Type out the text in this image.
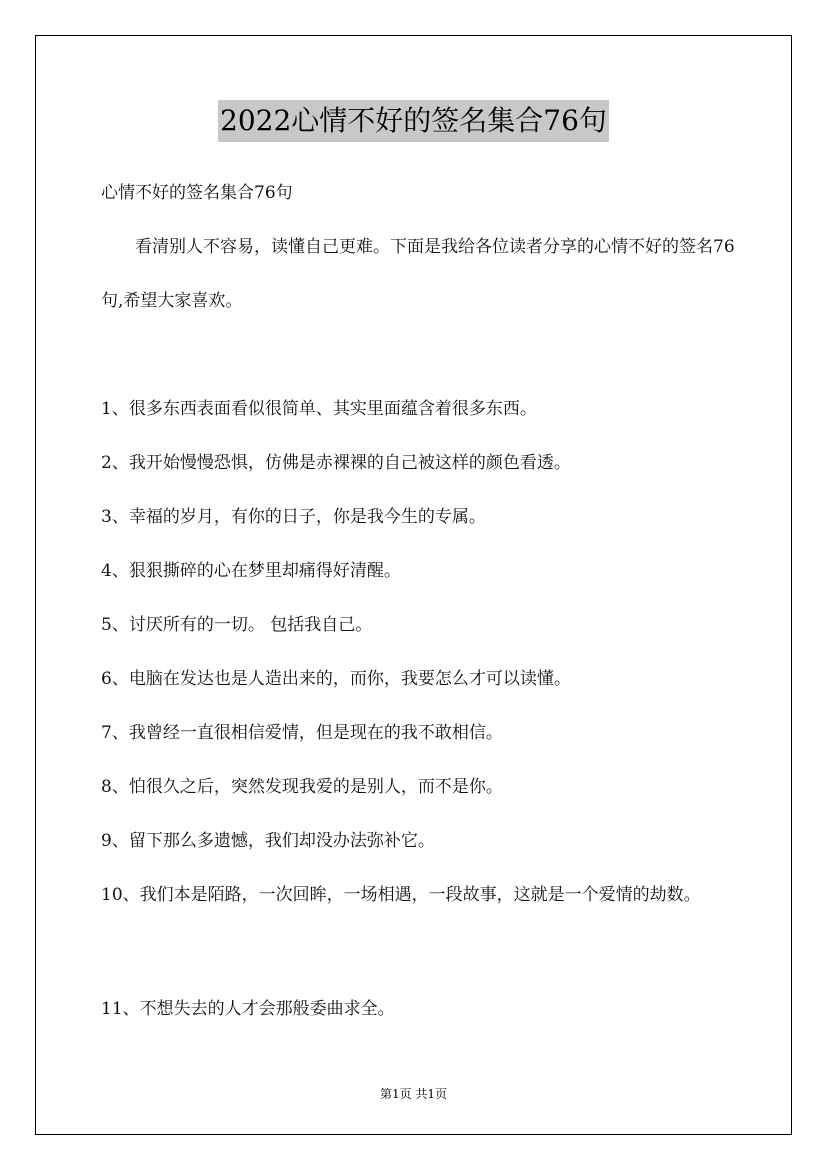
2022心情不好的签名集合76句

心情不好的签名集合76句

看清别人不容易，读懂自己更难。下面是我给各位读者分享的心情不好的签名76句,希望大家喜欢。

1、很多东西表面看似很简单、其实里面蕴含着很多东西。

2、我开始慢慢恐惧，仿佛是赤裸裸的自己被这样的颜色看透。

3、幸福的岁月，有你的日子，你是我今生的专属。

4、狠狠撕碎的心在梦里却痛得好清醒。

5、讨厌所有的一切。 包括我自己。

6、电脑在发达也是人造出来的，而你，我要怎么才可以读懂。

7、我曾经一直很相信爱情，但是现在的我不敢相信。

8、怕很久之后，突然发现我爱的是别人，而不是你。

9、留下那么多遗憾，我们却没办法弥补它。

10、我们本是陌路，一次回眸，一场相遇，一段故事，这就是一个爱情的劫数。

11、不想失去的人才会那般委曲求全。

第1页 共1页
